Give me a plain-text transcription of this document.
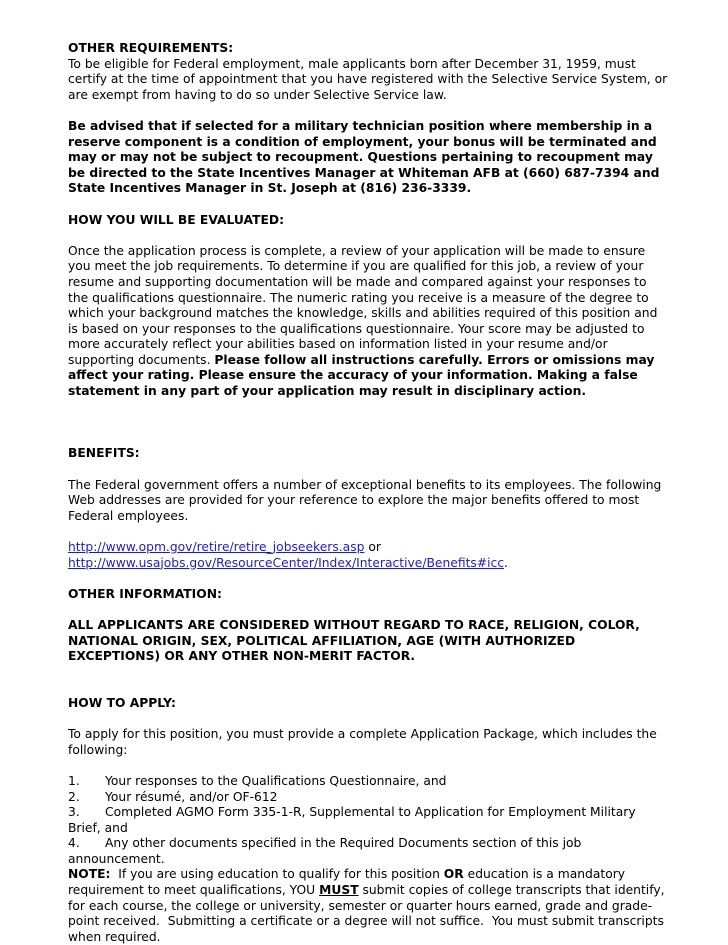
OTHER REQUIREMENTS:

To be eligible for Federal employment, male applicants born after December 31, 1959, must certify at the time of appointment that you have registered with the Selective Service System, or are exempt from having to do so under Selective Service law.

Be advised that if selected for a military technician position where membership in a reserve component is a condition of employment, your bonus will be terminated and may or may not be subject to recoupment. Questions pertaining to recoupment may be directed to the State Incentives Manager at Whiteman AFB at (660) 687-7394 and State Incentives Manager in St. Joseph at (816) 236-3339.

HOW YOU WILL BE EVALUATED:

Once the application process is complete, a review of your application will be made to ensure you meet the job requirements. To determine if you are qualified for this job, a review of your resume and supporting documentation will be made and compared against your responses to the qualifications questionnaire. The numeric rating you receive is a measure of the degree to which your background matches the knowledge, skills and abilities required of this position and is based on your responses to the qualifications questionnaire. Your score may be adjusted to more accurately reflect your abilities based on information listed in your resume and/or supporting documents. Please follow all instructions carefully. Errors or omissions may affect your rating. Please ensure the accuracy of your information. Making a false statement in any part of your application may result in disciplinary action.

BENEFITS:

The Federal government offers a number of exceptional benefits to its employees. The following Web addresses are provided for your reference to explore the major benefits offered to most Federal employees.

http://www.opm.gov/retire/retire_jobseekers.asp or
http://www.usajobs.gov/ResourceCenter/Index/Interactive/Benefits#icc.

OTHER INFORMATION:

ALL APPLICANTS ARE CONSIDERED WITHOUT REGARD TO RACE, RELIGION, COLOR, NATIONAL ORIGIN, SEX, POLITICAL AFFILIATION, AGE (WITH AUTHORIZED EXCEPTIONS) OR ANY OTHER NON-MERIT FACTOR.

HOW TO APPLY:

To apply for this position, you must provide a complete Application Package, which includes the following:

1. Your responses to the Qualifications Questionnaire, and

2. Your résumé, and/or OF-612

3. Completed AGMO Form 335-1-R, Supplemental to Application for Employment Military Brief, and

4. Any other documents specified in the Required Documents section of this job announcement.

NOTE:  If you are using education to qualify for this position OR education is a mandatory requirement to meet qualifications, YOU MUST submit copies of college transcripts that identify, for each course, the college or university, semester or quarter hours earned, grade and grade-point received.  Submitting a certificate or a degree will not suffice.  You must submit transcripts when required.
